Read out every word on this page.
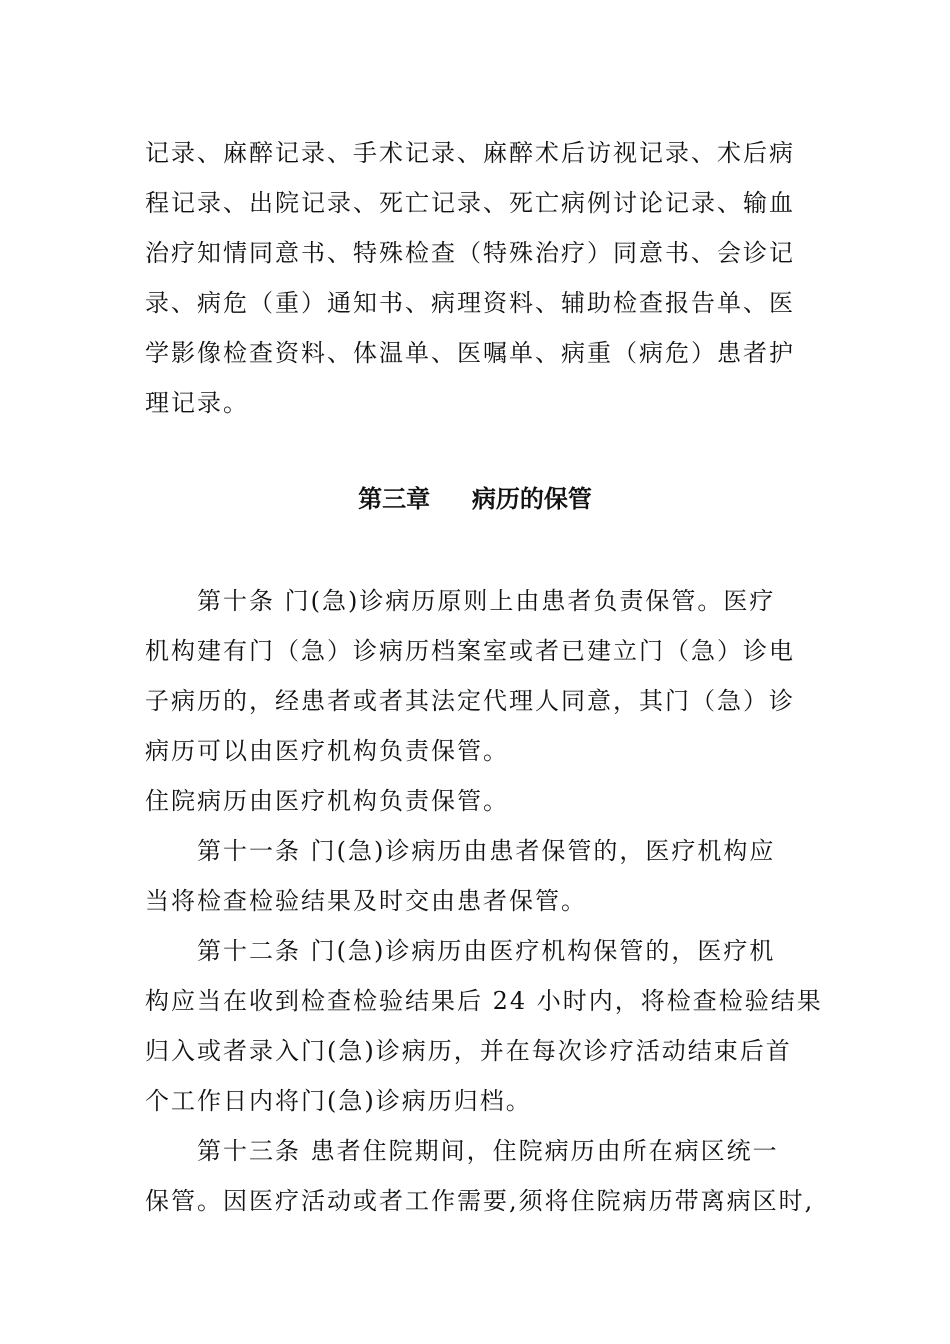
记录、麻醉记录、手术记录、麻醉术后访视记录、术后病
程记录、出院记录、死亡记录、死亡病例讨论记录、输血
治疗知情同意书、特殊检查（特殊治疗）同意书、会诊记
录、病危（重）通知书、病理资料、辅助检查报告单、医
学影像检查资料、体温单、医嘱单、病重（病危）患者护
理记录。
第三章     病历的保管
第十条 门(急)诊病历原则上由患者负责保管。医疗
机构建有门（急）诊病历档案室或者已建立门（急）诊电
子病历的，经患者或者其法定代理人同意，其门（急）诊
病历可以由医疗机构负责保管。
住院病历由医疗机构负责保管。
第十一条 门(急)诊病历由患者保管的，医疗机构应
当将检查检验结果及时交由患者保管。
第十二条 门(急)诊病历由医疗机构保管的，医疗机
构应当在收到检查检验结果后 24 小时内，将检查检验结果
归入或者录入门(急)诊病历，并在每次诊疗活动结束后首
个工作日内将门(急)诊病历归档。
第十三条 患者住院期间，住院病历由所在病区统一
保管。因医疗活动或者工作需要,须将住院病历带离病区时,
